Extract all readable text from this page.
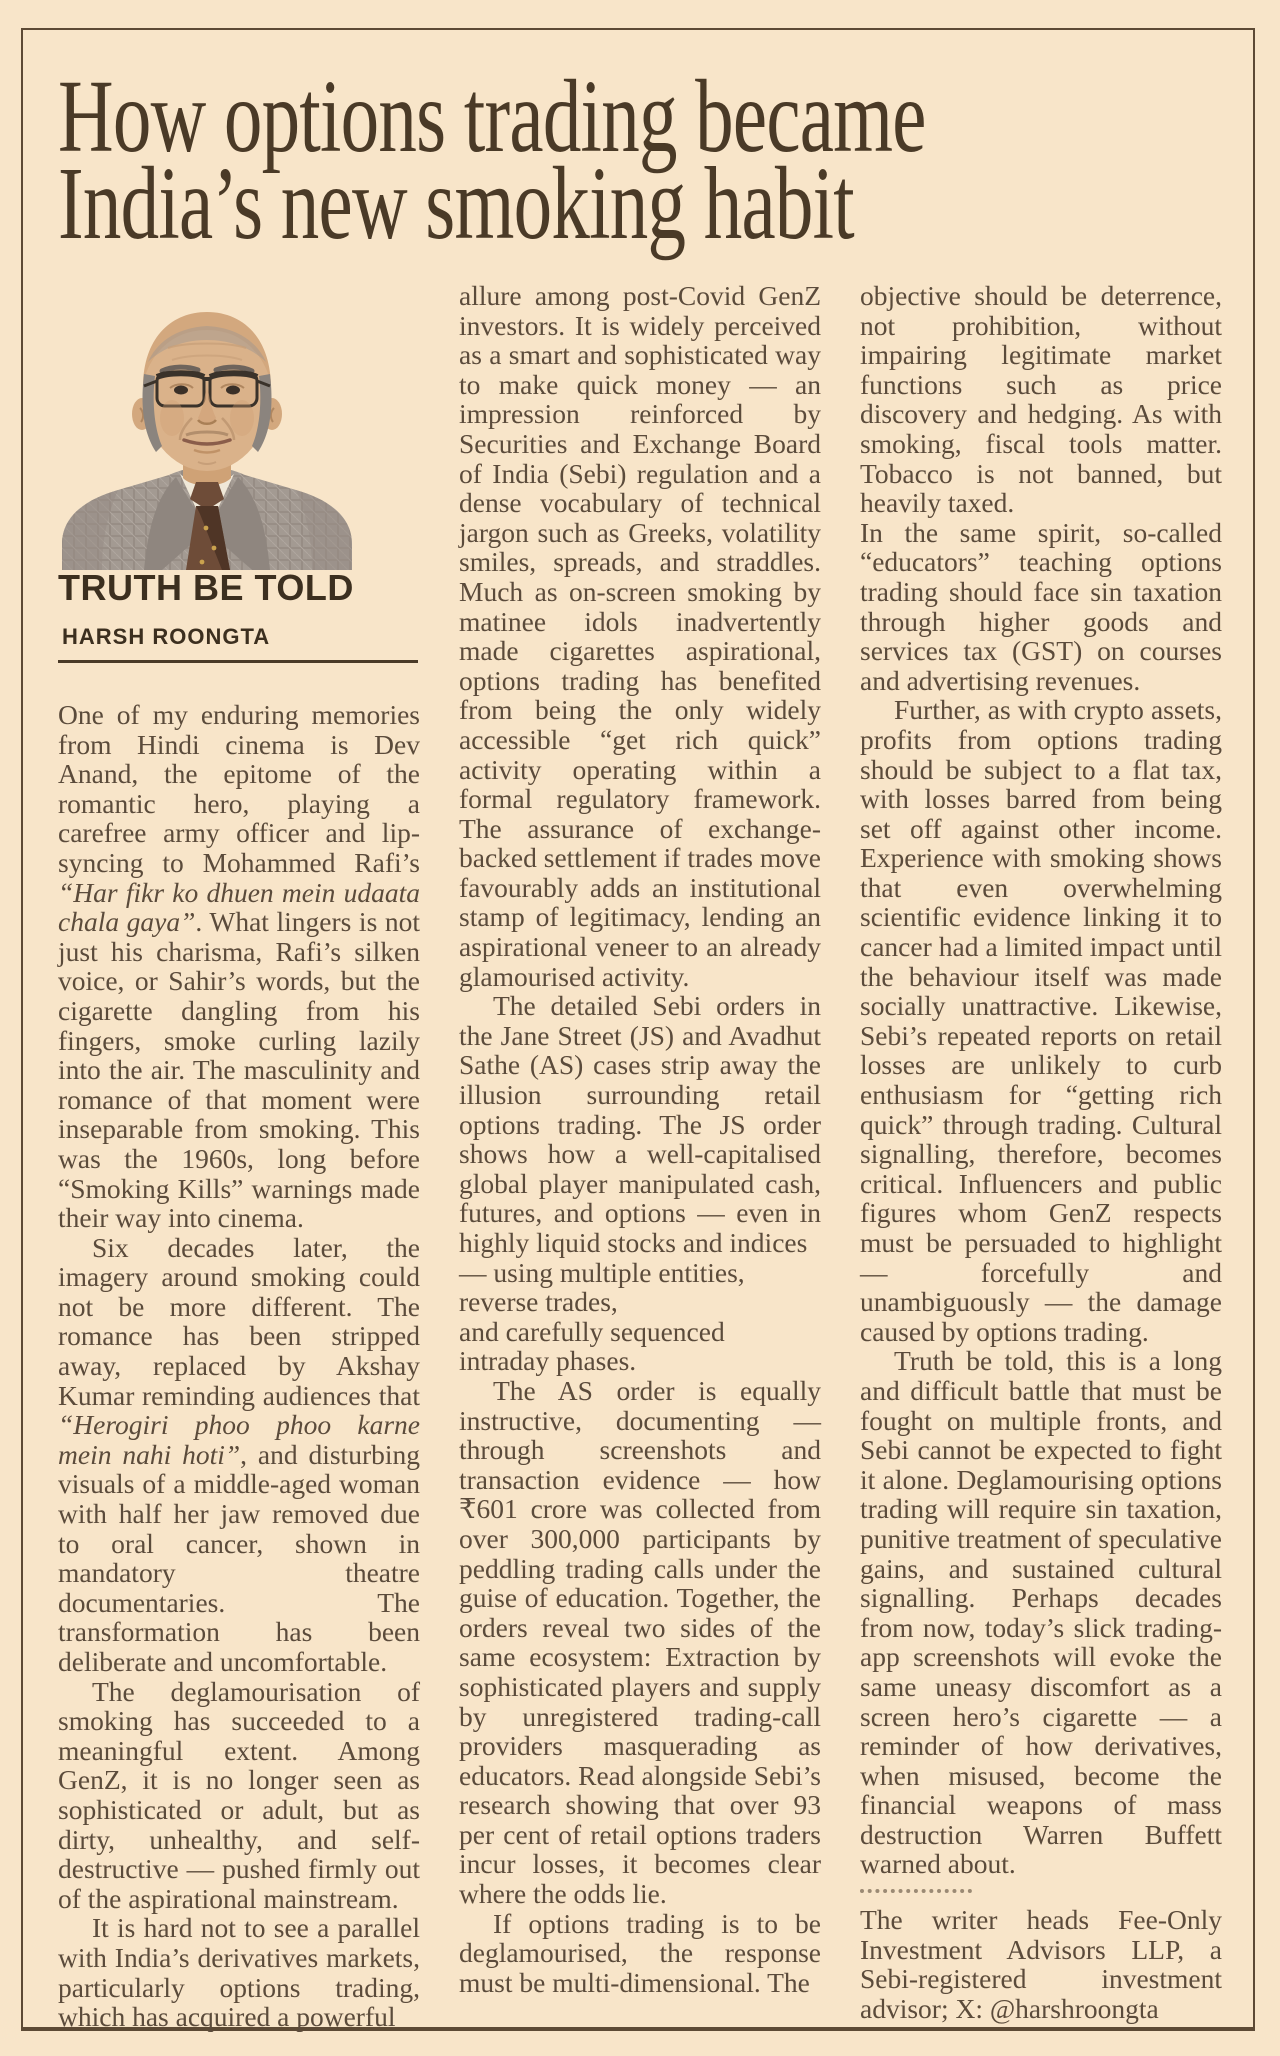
How options trading became
India’s new smoking habit
TRUTH BE TOLD
HARSH ROONGTA

One of my enduring memories from Hindi cinema is Dev Anand, the epitome of the romantic hero, playing a carefree army officer and lip-syncing to Mohammed Rafi’s “Har fikr ko dhuen mein udaata chala gaya”. What lingers is not just his charisma, Rafi’s silken voice, or Sahir’s words, but the cigarette dangling from his fingers, smoke curling lazily into the air. The masculinity and romance of that moment were inseparable from smoking. This was the 1960s, long before “Smoking Kills” warnings made their way into cinema.

Six decades later, the imagery around smoking could not be more different. The romance has been stripped away, replaced by Akshay Kumar reminding audiences that “Herogiri phoo phoo karne mein nahi hoti”, and disturbing visuals of a middle-aged woman with half her jaw removed due to oral cancer, shown in mandatory theatre documentaries. The transformation has been deliberate and uncomfortable.

The deglamourisation of smoking has succeeded to a meaningful extent. Among GenZ, it is no longer seen as sophisticated or adult, but as dirty, unhealthy, and self-destructive — pushed firmly out of the aspirational mainstream.

It is hard not to see a parallel with India’s derivatives markets, particularly options trading, which has acquired a powerful

allure among post-Covid GenZ investors. It is widely perceived as a smart and sophisticated way to make quick money — an impression reinforced by Securities and Exchange Board of India (Sebi) regulation and a dense vocabulary of technical jargon such as Greeks, volatility smiles, spreads, and straddles. Much as on-screen smoking by matinee idols inadvertently made cigarettes aspirational, options trading has benefited from being the only widely accessible “get rich quick” activity operating within a formal regulatory framework. The assurance of exchange-backed settlement if trades move favourably adds an institutional stamp of legitimacy, lending an aspirational veneer to an already glamourised activity.

The detailed Sebi orders in the Jane Street (JS) and Avadhut Sathe (AS) cases strip away the illusion surrounding retail options trading. The JS order shows how a well-capitalised global player manipulated cash, futures, and options — even in highly liquid stocks and indices
— using multiple entities,
reverse trades,
and carefully sequenced
intraday phases.

The AS order is equally instructive, documenting — through screenshots and transaction evidence — how ₹601 crore was collected from over 300,000 participants by peddling trading calls under the guise of education. Together, the orders reveal two sides of the same ecosystem: Extraction by sophisticated players and supply by unregistered trading-call providers masquerading as educators. Read alongside Sebi’s research showing that over 93 per cent of retail options traders incur losses, it becomes clear where the odds lie.

If options trading is to be deglamourised, the response must be multi-dimensional. The

objective should be deterrence, not prohibition, without impairing legitimate market functions such as price discovery and hedging. As with smoking, fiscal tools matter. Tobacco is not banned, but heavily taxed.
In the same spirit, so-called “educators” teaching options trading should face sin taxation through higher goods and services tax (GST) on courses and advertising revenues.

Further, as with crypto assets, profits from options trading should be subject to a flat tax, with losses barred from being set off against other income. Experience with smoking shows that even overwhelming scientific evidence linking it to cancer had a limited impact until the behaviour itself was made socially unattractive. Likewise, Sebi’s repeated reports on retail losses are unlikely to curb enthusiasm for “getting rich quick” through trading. Cultural signalling, therefore, becomes critical. Influencers and public figures whom GenZ respects must be persuaded to highlight — forcefully and unambiguously — the damage caused by options trading.

Truth be told, this is a long and difficult battle that must be fought on multiple fronts, and Sebi cannot be expected to fight it alone. Deglamourising options trading will require sin taxation, punitive treatment of speculative gains, and sustained cultural signalling. Perhaps decades from now, today’s slick trading-app screenshots will evoke the same uneasy discomfort as a screen hero’s cigarette — a reminder of how derivatives, when misused, become the financial weapons of mass destruction Warren Buffett warned about.

The writer heads Fee-Only Investment Advisors LLP, a Sebi-registered investment advisor; X: @harshroongta
